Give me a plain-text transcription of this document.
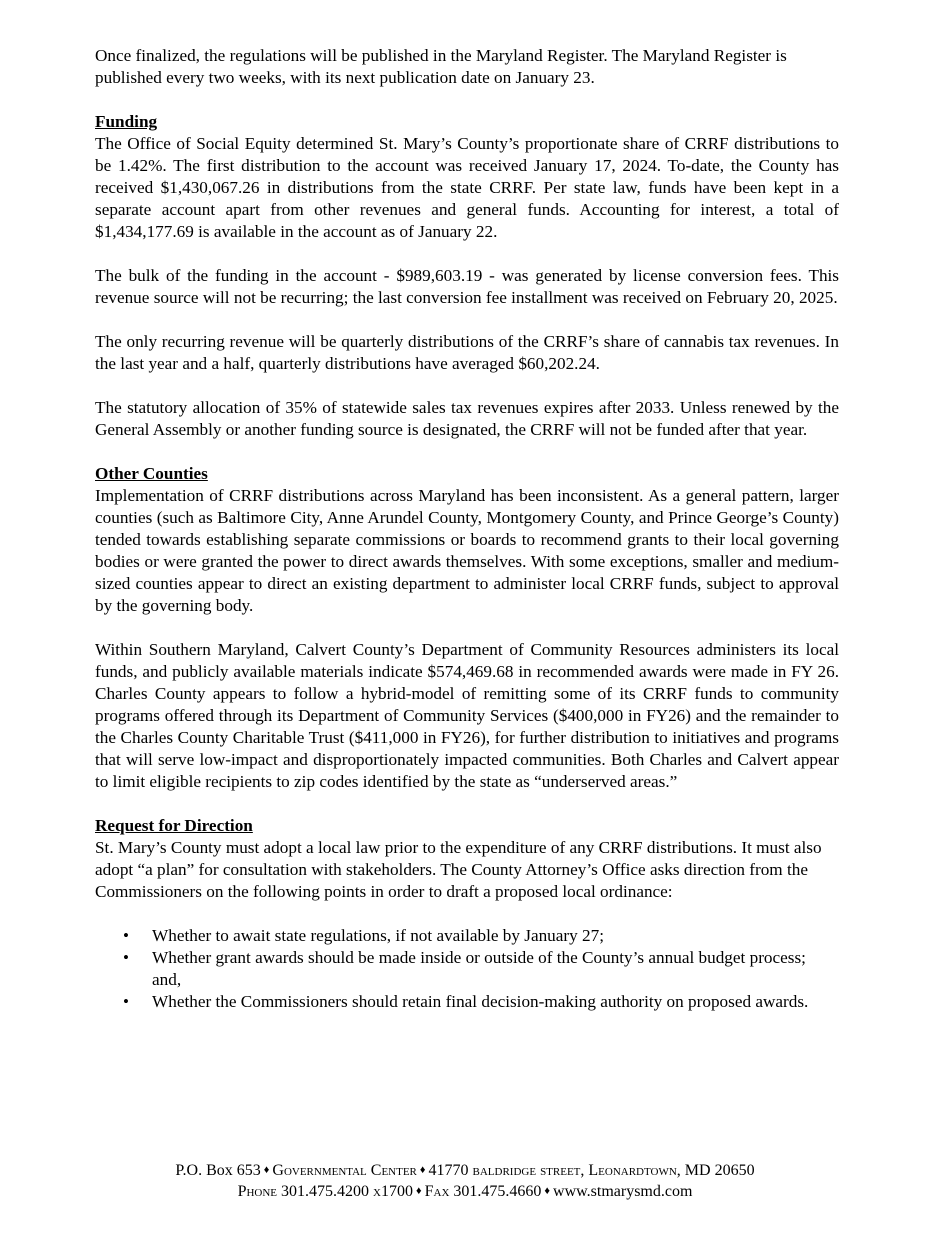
Once finalized, the regulations will be published in the Maryland Register. The Maryland Register is published every two weeks, with its next publication date on January 23.

Funding

The Office of Social Equity determined St. Mary’s County’s proportionate share of CRRF distributions to be 1.42%. The first distribution to the account was received January 17, 2024. To-date, the County has received $1,430,067.26 in distributions from the state CRRF. Per state law, funds have been kept in a separate account apart from other revenues and general funds. Accounting for interest, a total of $1,434,177.69 is available in the account as of January 22.

The bulk of the funding in the account - $989,603.19 - was generated by license conversion fees. This revenue source will not be recurring; the last conversion fee installment was received on February 20, 2025.

The only recurring revenue will be quarterly distributions of the CRRF’s share of cannabis tax revenues. In the last year and a half, quarterly distributions have averaged $60,202.24.

The statutory allocation of 35% of statewide sales tax revenues expires after 2033. Unless renewed by the General Assembly or another funding source is designated, the CRRF will not be funded after that year.

Other Counties

Implementation of CRRF distributions across Maryland has been inconsistent. As a general pattern, larger counties (such as Baltimore City, Anne Arundel County, Montgomery County, and Prince George’s County) tended towards establishing separate commissions or boards to recommend grants to their local governing bodies or were granted the power to direct awards themselves. With some exceptions, smaller and medium-sized counties appear to direct an existing department to administer local CRRF funds, subject to approval by the governing body.

Within Southern Maryland, Calvert County’s Department of Community Resources administers its local funds, and publicly available materials indicate $574,469.68 in recommended awards were made in FY 26. Charles County appears to follow a hybrid-model of remitting some of its CRRF funds to community programs offered through its Department of Community Services ($400,000 in FY26) and the remainder to the Charles County Charitable Trust ($411,000 in FY26), for further distribution to initiatives and programs that will serve low-impact and disproportionately impacted communities. Both Charles and Calvert appear to limit eligible recipients to zip codes identified by the state as “underserved areas.”

Request for Direction

St. Mary’s County must adopt a local law prior to the expenditure of any CRRF distributions. It must also adopt “a plan” for consultation with stakeholders. The County Attorney’s Office asks direction from the Commissioners on the following points in order to draft a proposed local ordinance:

• Whether to await state regulations, if not available by January 27;
• Whether grant awards should be made inside or outside of the County’s annual budget process; and,
• Whether the Commissioners should retain final decision-making authority on proposed awards.
P.O. Box 653 ♦ Governmental Center ♦ 41770 baldridge street, Leonardtown, MD 20650
Phone 301.475.4200 x1700 ♦ Fax 301.475.4660 ♦ www.stmarysmd.com
